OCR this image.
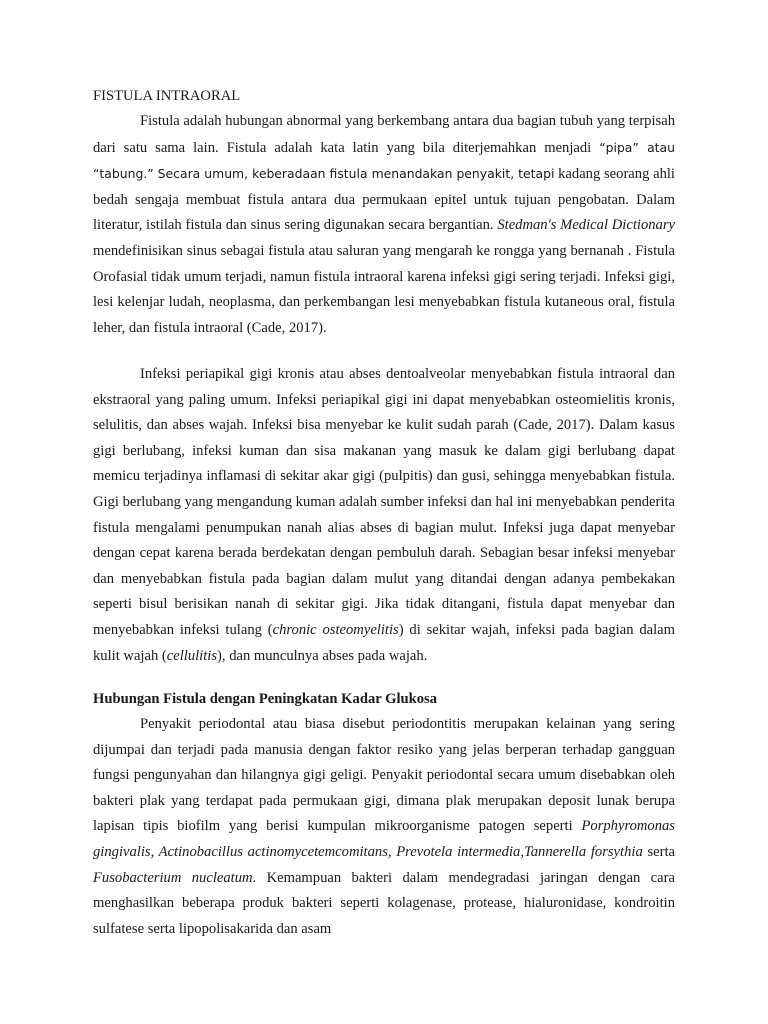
FISTULA INTRAORAL

Fistula adalah hubungan abnormal yang berkembang antara dua bagian tubuh yang terpisah dari satu sama lain. Fistula adalah kata latin yang bila diterjemahkan menjadi “pipa” atau “tabung.” Secara umum, keberadaan fistula menandakan penyakit, tetapi kadang seorang ahli bedah sengaja membuat fistula antara dua permukaan epitel untuk tujuan pengobatan. Dalam literatur, istilah fistula dan sinus sering digunakan secara bergantian. Stedman's Medical Dictionary mendefinisikan sinus sebagai fistula atau saluran yang mengarah ke rongga yang bernanah . Fistula Orofasial tidak umum terjadi, namun fistula intraoral karena infeksi gigi sering terjadi. Infeksi gigi, lesi kelenjar ludah, neoplasma, dan perkembangan lesi menyebabkan fistula kutaneous oral, fistula leher, dan fistula intraoral (Cade, 2017).

Infeksi periapikal gigi kronis atau abses dentoalveolar menyebabkan fistula intraoral dan ekstraoral yang paling umum. Infeksi periapikal gigi ini dapat menyebabkan osteomielitis kronis, selulitis, dan abses wajah. Infeksi bisa menyebar ke kulit sudah parah (Cade, 2017). Dalam kasus gigi berlubang, infeksi kuman dan sisa makanan yang masuk ke dalam gigi berlubang dapat memicu terjadinya inflamasi di sekitar akar gigi (pulpitis) dan gusi, sehingga menyebabkan fistula. Gigi berlubang yang mengandung kuman adalah sumber infeksi dan hal ini menyebabkan penderita fistula mengalami penumpukan nanah alias abses di bagian mulut. Infeksi juga dapat menyebar dengan cepat karena berada berdekatan dengan pembuluh darah. Sebagian besar infeksi menyebar dan menyebabkan fistula pada bagian dalam mulut yang ditandai dengan adanya pembekakan seperti bisul berisikan nanah di sekitar gigi. Jika tidak ditangani, fistula dapat menyebar dan menyebabkan infeksi tulang (chronic osteomyelitis) di sekitar wajah, infeksi pada bagian dalam kulit wajah (cellulitis), dan munculnya abses pada wajah.

Hubungan Fistula dengan Peningkatan Kadar Glukosa

Penyakit periodontal atau biasa disebut periodontitis merupakan kelainan yang sering dijumpai dan terjadi pada manusia dengan faktor resiko yang jelas berperan terhadap gangguan fungsi pengunyahan dan hilangnya gigi geligi. Penyakit periodontal secara umum disebabkan oleh bakteri plak yang terdapat pada permukaan gigi, dimana plak merupakan deposit lunak berupa lapisan tipis biofilm yang berisi kumpulan mikroorganisme patogen seperti Porphyromonas gingivalis, Actinobacillus actinomycetemcomitans, Prevotela intermedia,Tannerella forsythia serta Fusobacterium nucleatum. Kemampuan bakteri dalam mendegradasi jaringan dengan cara menghasilkan beberapa produk bakteri seperti kolagenase, protease, hialuronidase, kondroitin sulfatese serta lipopolisakarida dan asam
